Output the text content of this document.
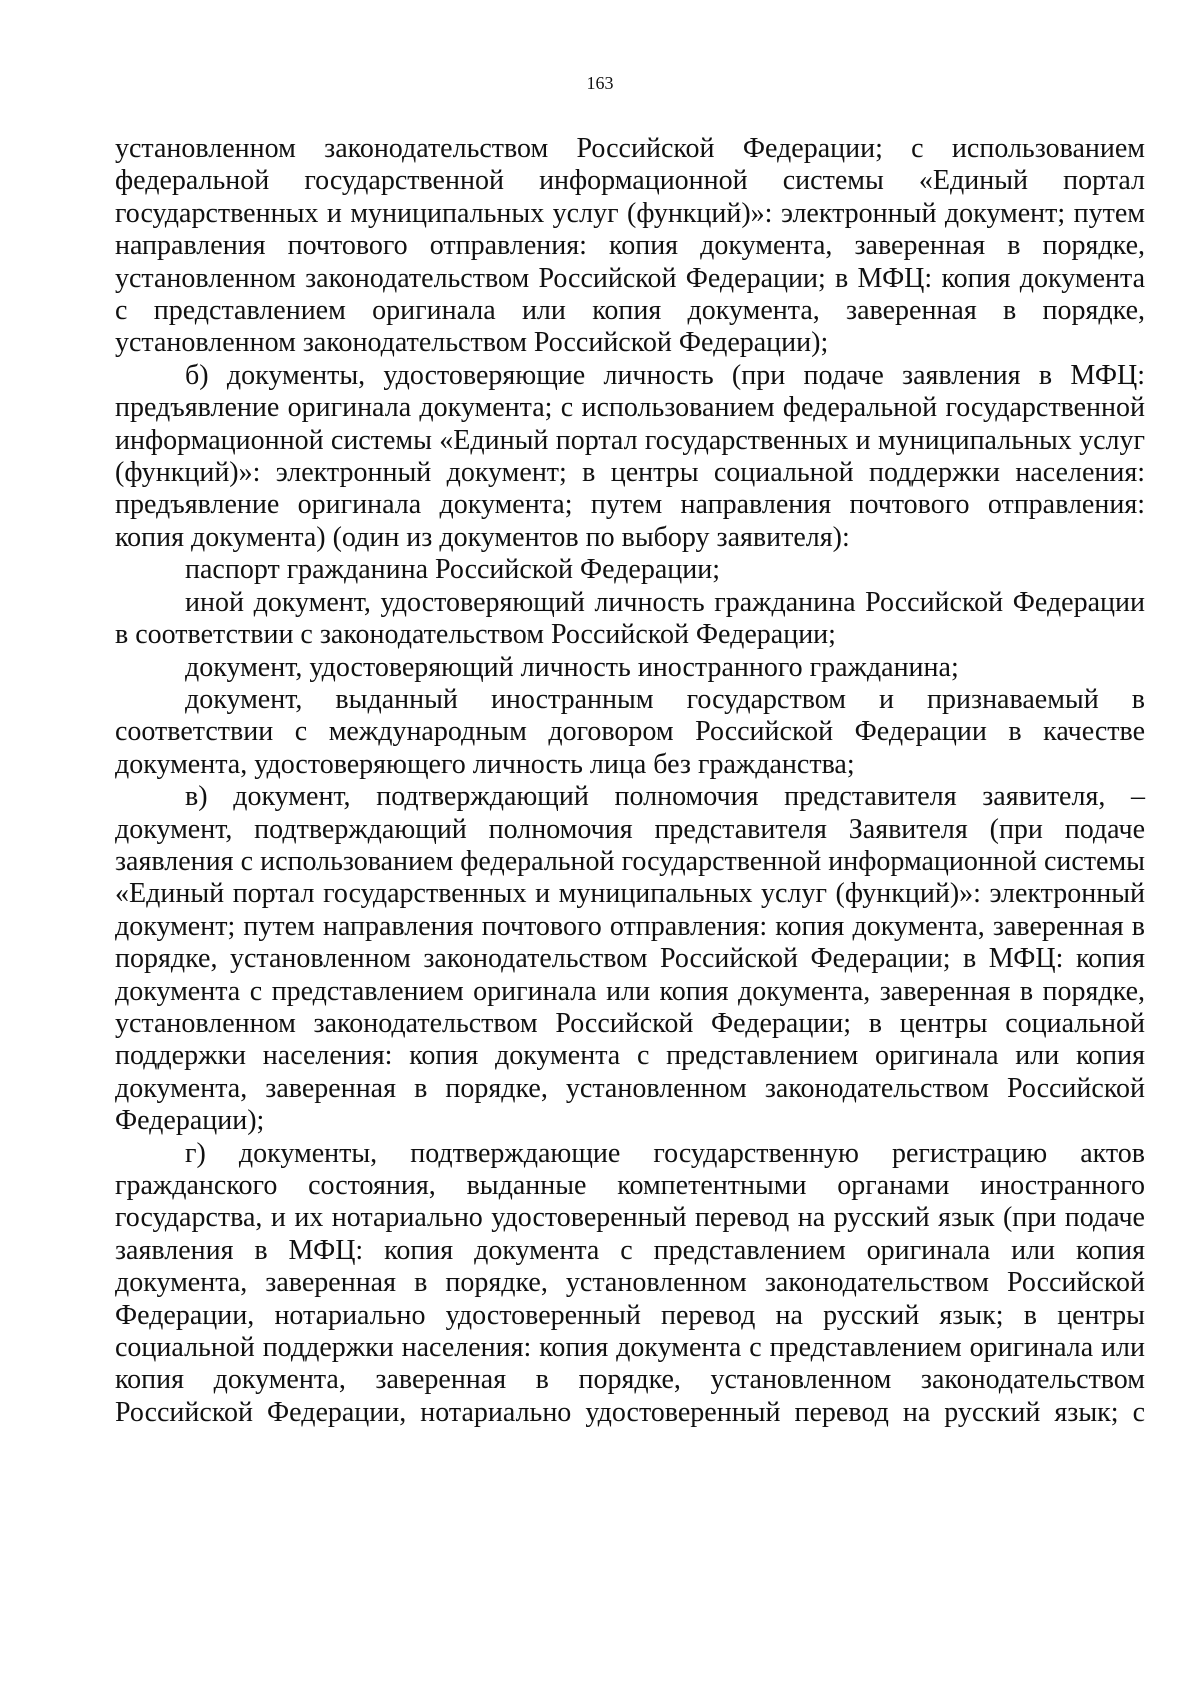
163

установленном законодательством Российской Федерации; с использованием федеральной государственной информационной системы «Единый портал государственных и муниципальных услуг (функций)»: электронный документ; путем направления почтового отправления: копия документа, заверенная в порядке, установленном законодательством Российской Федерации; в МФЦ: копия документа с представлением оригинала или копия документа, заверенная в порядке, установленном законодательством Российской Федерации);

б) документы, удостоверяющие личность (при подаче заявления в МФЦ: предъявление оригинала документа; с использованием федеральной государственной информационной системы «Единый портал государственных и муниципальных услуг (функций)»: электронный документ; в центры социальной поддержки населения: предъявление оригинала документа; путем направления почтового отправления: копия документа) (один из документов по выбору заявителя):

паспорт гражданина Российской Федерации;

иной документ, удостоверяющий личность гражданина Российской Федерации в соответствии с законодательством Российской Федерации;

документ, удостоверяющий личность иностранного гражданина;

документ, выданный иностранным государством и признаваемый в соответствии с международным договором Российской Федерации в качестве документа, удостоверяющего личность лица без гражданства;

в) документ, подтверждающий полномочия представителя заявителя, – документ, подтверждающий полномочия представителя Заявителя (при подаче заявления с использованием федеральной государственной информационной системы «Единый портал государственных и муниципальных услуг (функций)»: электронный документ; путем направления почтового отправления: копия документа, заверенная в порядке, установленном законодательством Российской Федерации; в МФЦ: копия документа с представлением оригинала или копия документа, заверенная в порядке, установленном законодательством Российской Федерации; в центры социальной поддержки населения: копия документа с представлением оригинала или копия документа, заверенная в порядке, установленном законодательством Российской Федерации);

г) документы, подтверждающие государственную регистрацию актов гражданского состояния, выданные компетентными органами иностранного государства, и их нотариально удостоверенный перевод на русский язык (при подаче заявления в МФЦ: копия документа с представлением оригинала или копия документа, заверенная в порядке, установленном законодательством Российской Федерации, нотариально удостоверенный перевод на русский язык; в центры социальной поддержки населения: копия документа с представлением оригинала или копия документа, заверенная в порядке, установленном законодательством Российской Федерации, нотариально удостоверенный перевод на русский язык; с
